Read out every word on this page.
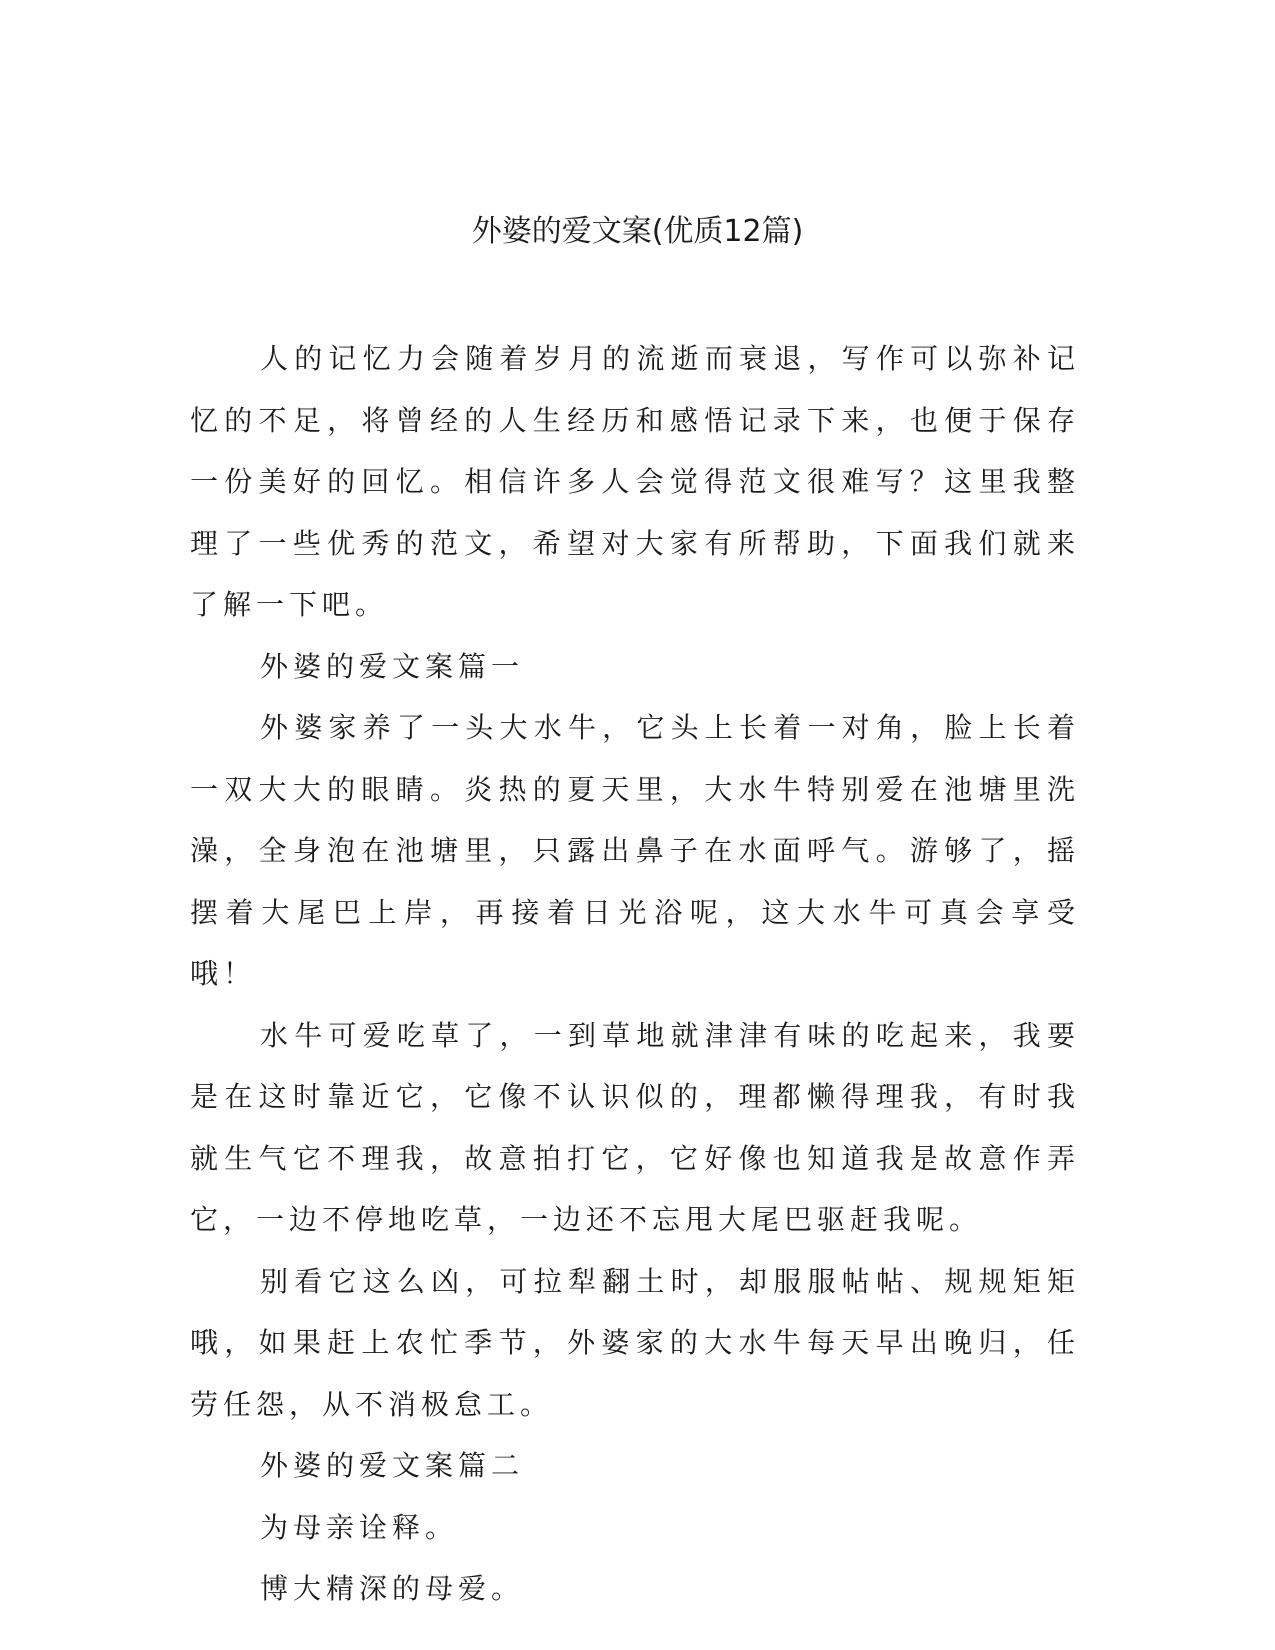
外婆的爱文案(优质12篇)

人的记忆力会随着岁月的流逝而衰退，写作可以弥补记忆的不足，将曾经的人生经历和感悟记录下来，也便于保存一份美好的回忆。相信许多人会觉得范文很难写？这里我整理了一些优秀的范文，希望对大家有所帮助，下面我们就来了解一下吧。

外婆的爱文案篇一

外婆家养了一头大水牛，它头上长着一对角，脸上长着一双大大的眼睛。炎热的夏天里，大水牛特别爱在池塘里洗澡，全身泡在池塘里，只露出鼻子在水面呼气。游够了，摇摆着大尾巴上岸，再接着日光浴呢，这大水牛可真会享受哦！

水牛可爱吃草了，一到草地就津津有味的吃起来，我要是在这时靠近它，它像不认识似的，理都懒得理我，有时我就生气它不理我，故意拍打它，它好像也知道我是故意作弄它，一边不停地吃草，一边还不忘甩大尾巴驱赶我呢。

别看它这么凶，可拉犁翻土时，却服服帖帖、规规矩矩哦，如果赶上农忙季节，外婆家的大水牛每天早出晚归，任劳任怨，从不消极怠工。

外婆的爱文案篇二

为母亲诠释。

博大精深的母爱。
